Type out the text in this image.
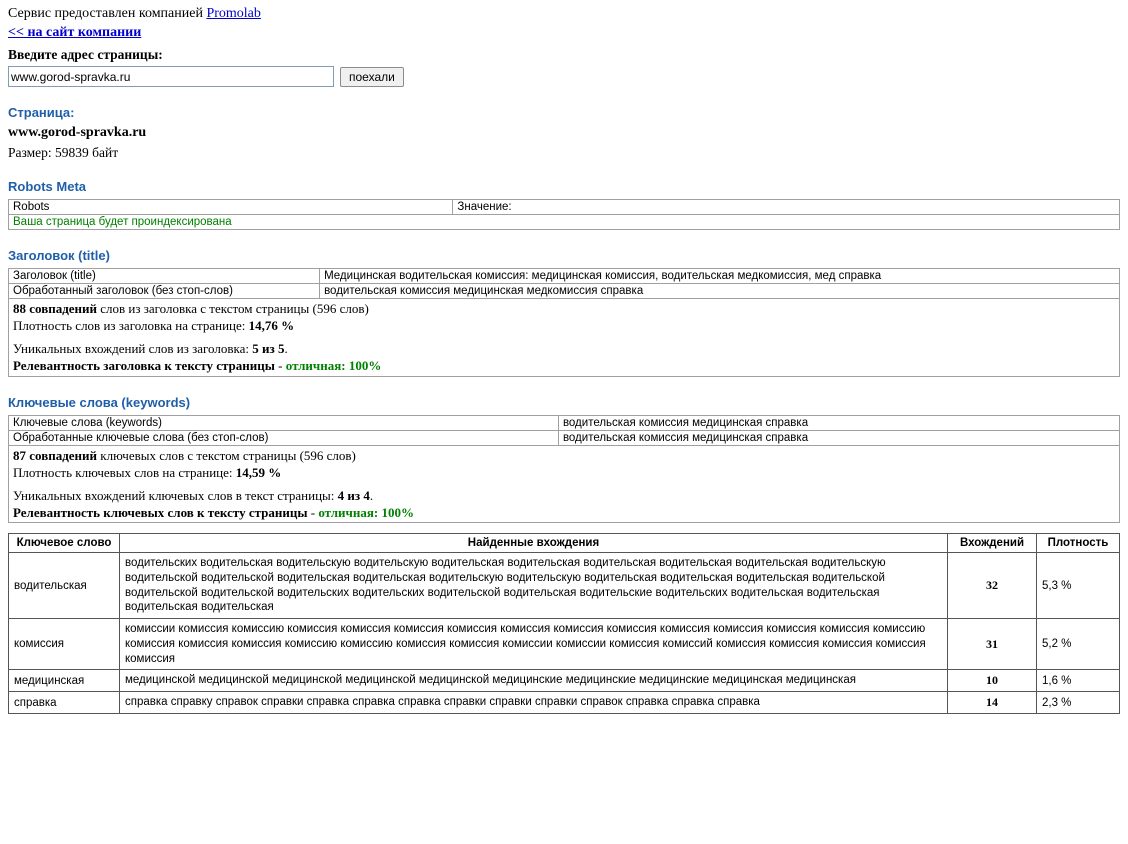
Сервис предоставлен компанией Promolab
<< на сайт компании
Введите адрес страницы:
www.gorod-spravka.ru
поехали
Страница:
www.gorod-spravka.ru
Размер: 59839 байт
Robots Meta
Robots	Значение:
Ваша страница будет проиндексирована
Заголовок (title)
Заголовок (title)	Медицинская водительская комиссия: медицинская комиссия, водительская медкомиссия, мед справка
Обработанный заголовок (без стоп-слов)	водительская комиссия медицинская медкомиссия справка

88 совпадений слов из заголовка с текстом страницы (596 слов)
Плотность слов из заголовка на странице: 14,76 %
Уникальных вхождений слов из заголовка: 5 из 5.
Релевантность заголовка к тексту страницы - отличная: 100%	
Ключевые слова (keywords)
Ключевые слова (keywords)	водительская комиссия медицинская справка
Обработанные ключевые слова (без стоп-слов)	водительская комиссия медицинская справка

87 совпадений ключевых слов с текстом страницы (596 слов)
Плотность ключевых слов на странице: 14,59 %
Уникальных вхождений ключевых слов в текст страницы: 4 из 4.
Релевантность ключевых слов к тексту страницы - отличная: 100%	
Ключевое слово	Найденные вхождения	Вхождений	Плотность
водительская	водительских водительская водительскую водительскую водительская водительская водительская водительская водительская водительскую водительской водительской водительская водительская водительскую водительскую водительская водительская водительская водительской водительской водительской водительских водительских водительской водительская водительские водительских водительская водительская водительская водительская	32	5,3 %
комиссия	комиссии комиссия комиссию комиссия комиссия комиссия комиссия комиссия комиссия комиссия комиссия комиссия комиссия комиссия комиссию комиссия комиссия комиссия комиссию комиссию комиссия комиссия комиссии комиссии комиссия комиссий комиссия комиссия комиссия комиссия комиссия	31	5,2 %
медицинская	медицинской медицинской медицинской медицинской медицинской медицинские медицинские медицинские медицинская медицинская	10	1,6 %
справка	справка справку справок справки справка справка справка справки справки справки справок справка справка справка	14	2,3 %
